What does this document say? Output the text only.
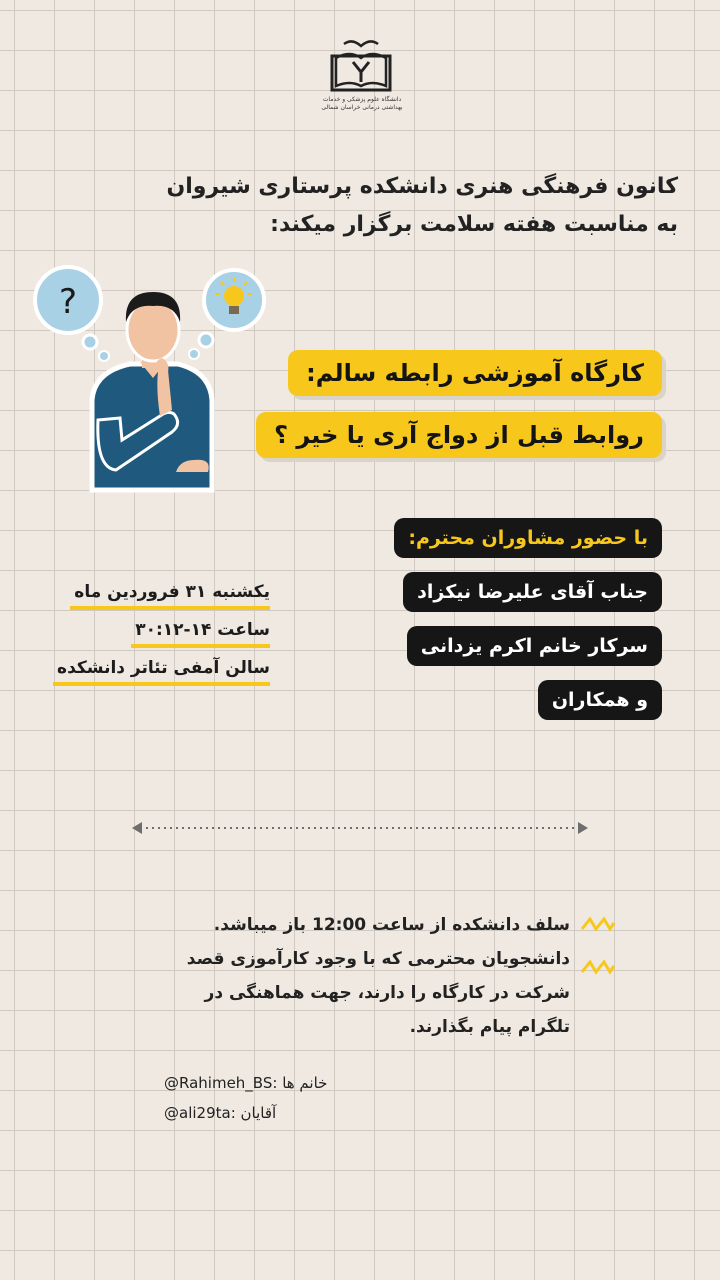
دانشگاه علوم پزشکی و خدمات
بهداشتی درمانی خراسان شمالی
کانون فرهنگی هنری دانشکده پرستاری شیروان
به مناسبت هفته سلامت برگزار میکند:
?
کارگاه آموزشی رابطه سالم:
روابط قبل از دواج آری یا خیر ؟
با حضور مشاوران محترم:
جناب آقای علیرضا نیکزاد
سرکار خانم اکرم یزدانی
و همکاران
یکشنبه ۳۱ فروردین ماه
ساعت ۱۴-۳۰:۱۲
سالن آمفی تئاتر دانشکده
سلف دانشکده از ساعت 12:00 باز میباشد.
دانشجویان محترمی که با وجود کارآموزی قصد
شرکت در کارگاه را دارند، جهت هماهنگی در
تلگرام پیام بگذارند.
@Rahimeh_BS: خانم ها
@ali29ta: آقایان
